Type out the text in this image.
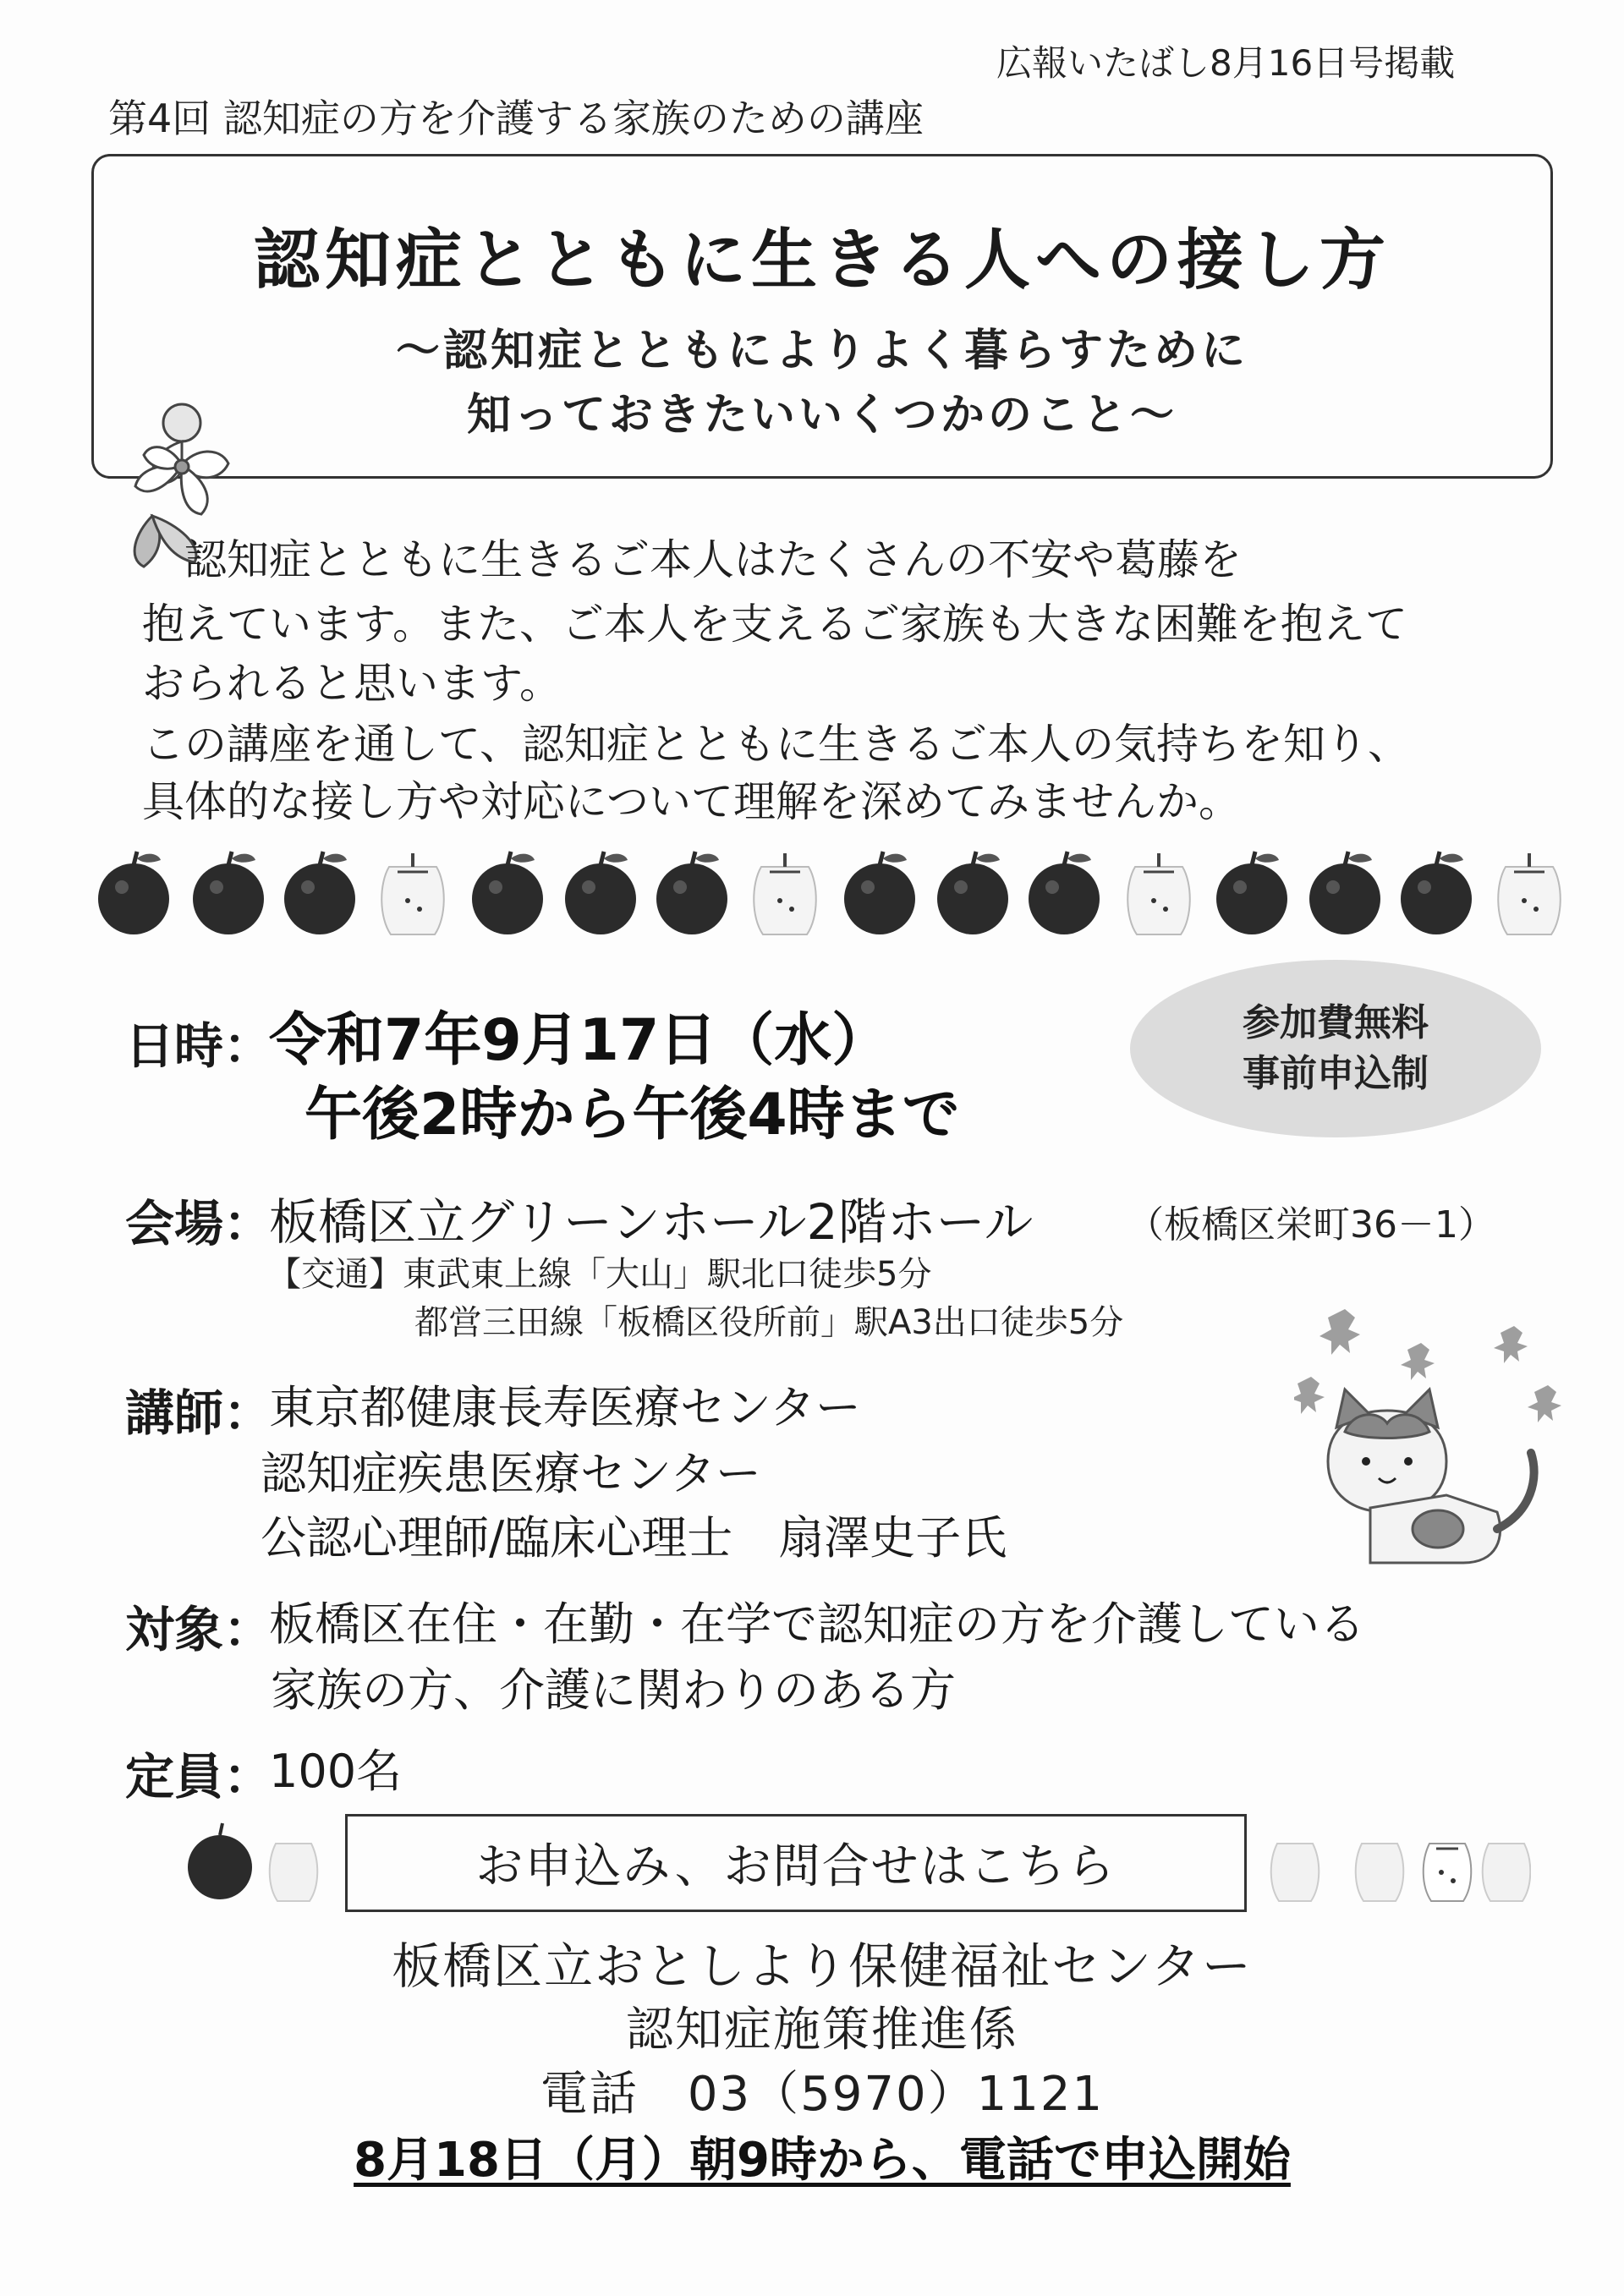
広報いたばし8月16日号掲載
第4回 認知症の方を介護する家族のための講座
認知症とともに生きる人への接し方
～認知症とともによりよく暮らすために
知っておきたいいくつかのこと～
　認知症とともに生きるご本人はたくさんの不安や葛藤を
抱えています。また、ご本人を支えるご家族も大きな困難を抱えて
おられると思います。
この講座を通して、認知症とともに生きるご本人の気持ちを知り、
具体的な接し方や対応について理解を深めてみませんか。
日時：
令和7年9月17日（水）
午後2時から午後4時まで
参加費無料
事前申込制
会場：
板橋区立グリーンホール2階ホール	（板橋区栄町36－1）
【交通】東武東上線「大山」駅北口徒歩5分
都営三田線「板橋区役所前」駅A3出口徒歩5分
講師：
東京都健康長寿医療センター
認知症疾患医療センター
公認心理師/臨床心理士　扇澤史子氏
対象：
板橋区在住・在勤・在学で認知症の方を介護している
家族の方、介護に関わりのある方
定員：
100名
お申込み、お問合せはこちら
板橋区立おとしより保健福祉センター
認知症施策推進係
電話　03（5970）1121
8月18日（月）朝9時から、電話で申込開始
